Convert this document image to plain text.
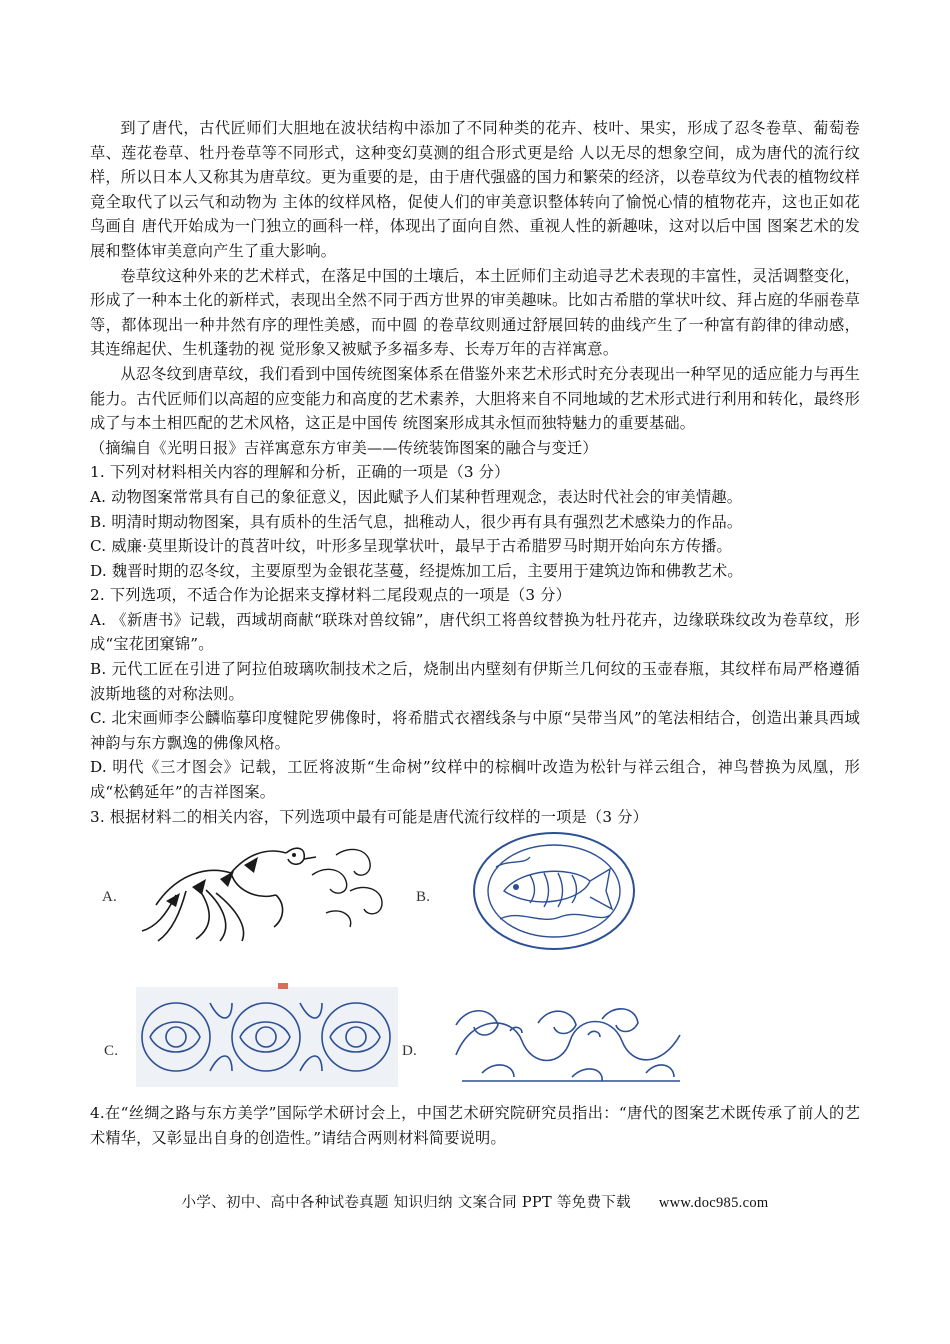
到了唐代，古代匠师们大胆地在波状结构中添加了不同种类的花卉、枝叶、果实，形成了忍冬卷草、葡萄卷草、莲花卷草、牡丹卷草等不同形式，这种变幻莫测的组合形式更是给 人以无尽的想象空间，成为唐代的流行纹样，所以日本人又称其为唐草纹。更为重要的是，由于唐代强盛的国力和繁荣的经济，以卷草纹为代表的植物纹样竟全取代了以云气和动物为 主体的纹样风格，促使人们的审美意识整体转向了愉悦心情的植物花卉，这也正如花鸟画自 唐代开始成为一门独立的画科一样，体现出了面向自然、重视人性的新趣味，这对以后中国 图案艺术的发展和整体审美意向产生了重大影响。

卷草纹这种外来的艺术样式，在落足中国的土壤后，本土匠师们主动追寻艺术表现的丰富性，灵活调整变化，形成了一种本土化的新样式，表现出全然不同于西方世界的审美趣味。比如古希腊的掌状叶纹、拜占庭的华丽卷草等，都体现出一种井然有序的理性美感，而中圆 的卷草纹则通过舒展回转的曲线产生了一种富有韵律的律动感，其连绵起伏、生机蓬勃的视 觉形象又被赋予多福多寿、长寿万年的吉祥寓意。

从忍冬纹到唐草纹，我们看到中国传统图案体系在借鉴外来艺术形式时充分表现出一种罕见的适应能力与再生能力。古代匠师们以高超的应变能力和高度的艺术素养，大胆将来自不同地域的艺术形式进行利用和转化，最终形成了与本土相匹配的艺术风格，这正是中国传 统图案形成其永恒而独特魅力的重要基础。

（摘编自《光明日报》吉祥寓意东方审美——传统装饰图案的融合与变迁）

1. 下列对材料相关内容的理解和分析，正确的一项是（3 分）

A. 动物图案常常具有自己的象征意义，因此赋予人们某种哲理观念，表达时代社会的审美情趣。

B. 明清时期动物图案，具有质朴的生活气息，拙稚动人，很少再有具有强烈艺术感染力的作品。

C. 威廉·莫里斯设计的莨苕叶纹，叶形多呈现掌状叶，最早于古希腊罗马时期开始向东方传播。

D. 魏晋时期的忍冬纹，主要原型为金银花茎蔓，经提炼加工后，主要用于建筑边饰和佛教艺术。

2. 下列选项，不适合作为论据来支撑材料二尾段观点的一项是（3 分）

A. 《新唐书》记载，西域胡商献“联珠对兽纹锦”，唐代织工将兽纹替换为牡丹花卉，边缘联珠纹改为卷草纹，形成“宝花团窠锦”。

B. 元代工匠在引进了阿拉伯玻璃吹制技术之后，烧制出内壁刻有伊斯兰几何纹的玉壶春瓶，其纹样布局严格遵循波斯地毯的对称法则。

C. 北宋画师李公麟临摹印度犍陀罗佛像时，将希腊式衣褶线条与中原“吴带当风”的笔法相结合，创造出兼具西域神韵与东方飘逸的佛像风格。

D. 明代《三才图会》记载，工匠将波斯“生命树”纹样中的棕榈叶改造为松针与祥云组合，神鸟替换为凤凰，形成“松鹤延年”的吉祥图案。

3. 根据材料二的相关内容，下列选项中最有可能是唐代流行纹样的一项是（3 分）

A.	B.
C.	D.

4.在“丝绸之路与东方美学”国际学术研讨会上，中国艺术研究院研究员指出：“唐代的图案艺术既传承了前人的艺术精华，又彰显出自身的创造性。”请结合两则材料简要说明。

小学、初中、高中各种试卷真题 知识归纳 文案合同 PPT 等免费下载 www.doc985.com
